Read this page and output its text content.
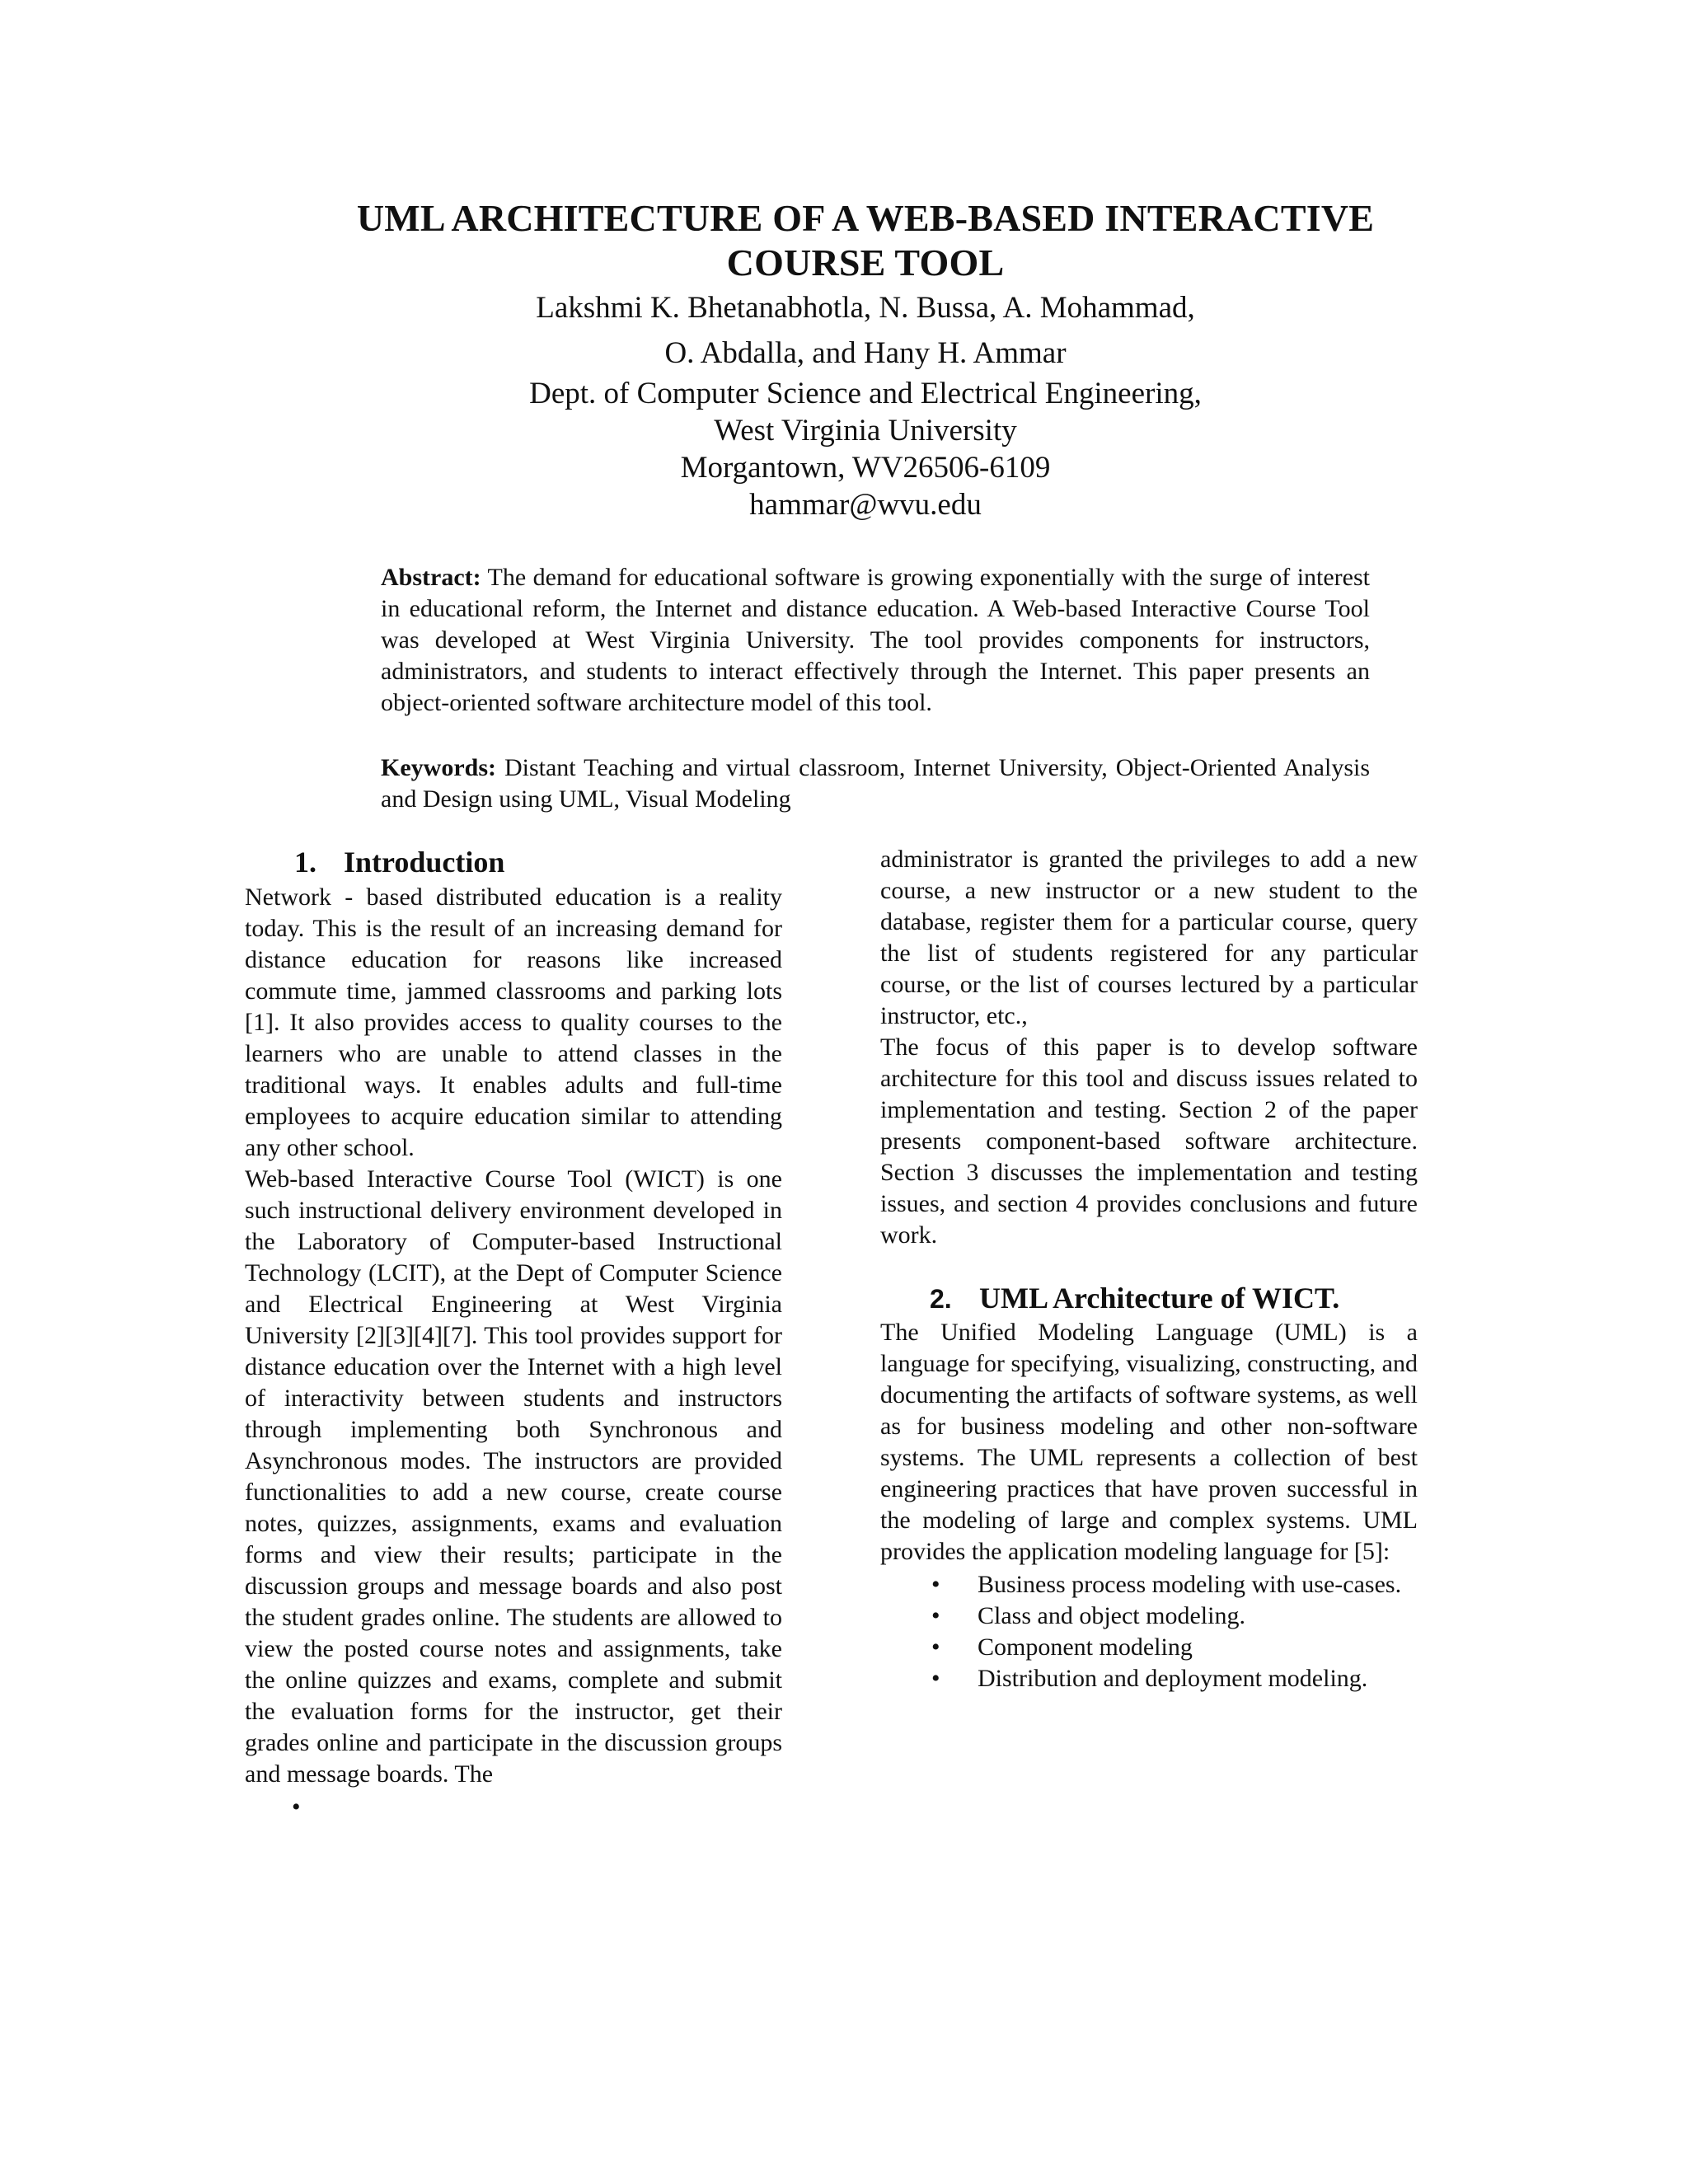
UML ARCHITECTURE OF A WEB-BASED INTERACTIVE
COURSE TOOL
Lakshmi K. Bhetanabhotla, N. Bussa, A. Mohammad,
O. Abdalla, and Hany H. Ammar
Dept. of Computer Science and Electrical Engineering,
West Virginia University
Morgantown, WV26506-6109
hammar@wvu.edu
Abstract: The demand for educational software is growing exponentially with the surge of interest in educational reform, the Internet and distance education. A Web-based Interactive Course Tool was developed at West Virginia University. The tool provides components for instructors, administrators, and students to interact effectively through the Internet. This paper presents an object-oriented software architecture model of this tool.
Keywords: Distant Teaching and virtual classroom, Internet University, Object-Oriented Analysis and Design using UML, Visual Modeling
1. Introduction

Network - based distributed education is a reality today. This is the result of an increasing demand for distance education for reasons like increased commute time, jammed classrooms and parking lots [1]. It also provides access to quality courses to the learners who are unable to attend classes in the traditional ways. It enables adults and full-time employees to acquire education similar to attending any other school.

Web-based Interactive Course Tool (WICT) is one such instructional delivery environment developed in the Laboratory of Computer-based Instructional Technology (LCIT), at the Dept of Computer Science and Electrical Engineering at West Virginia University [2][3][4][7]. This tool provides support for distance education over the Internet with a high level of interactivity between students and instructors through implementing both Synchronous and Asynchronous modes. The instructors are provided functionalities to add a new course, create course notes, quizzes, assignments, exams and evaluation forms and view their results; participate in the discussion groups and message boards and also post the student grades online. The students are allowed to view the posted course notes and assignments, take the online quizzes and exams, complete and submit the evaluation forms for the instructor, get their grades online and participate in the discussion groups and message boards. The

•

administrator is granted the privileges to add a new course, a new instructor or a new student to the database, register them for a particular course, query the list of students registered for any particular course, or the list of courses lectured by a particular instructor, etc.,

The focus of this paper is to develop software architecture for this tool and discuss issues related to implementation and testing. Section 2 of the paper presents component-based software architecture. Section 3 discusses the implementation and testing issues, and section 4 provides conclusions and future work.

2. UML Architecture of WICT.

The Unified Modeling Language (UML) is a language for specifying, visualizing, constructing, and documenting the artifacts of software systems, as well as for business modeling and other non-software systems. The UML represents a collection of best engineering practices that have proven successful in the modeling of large and complex systems. UML provides the application modeling language for [5]:

• Business process modeling with use-cases.
• Class and object modeling.
• Component modeling
• Distribution and deployment modeling.
